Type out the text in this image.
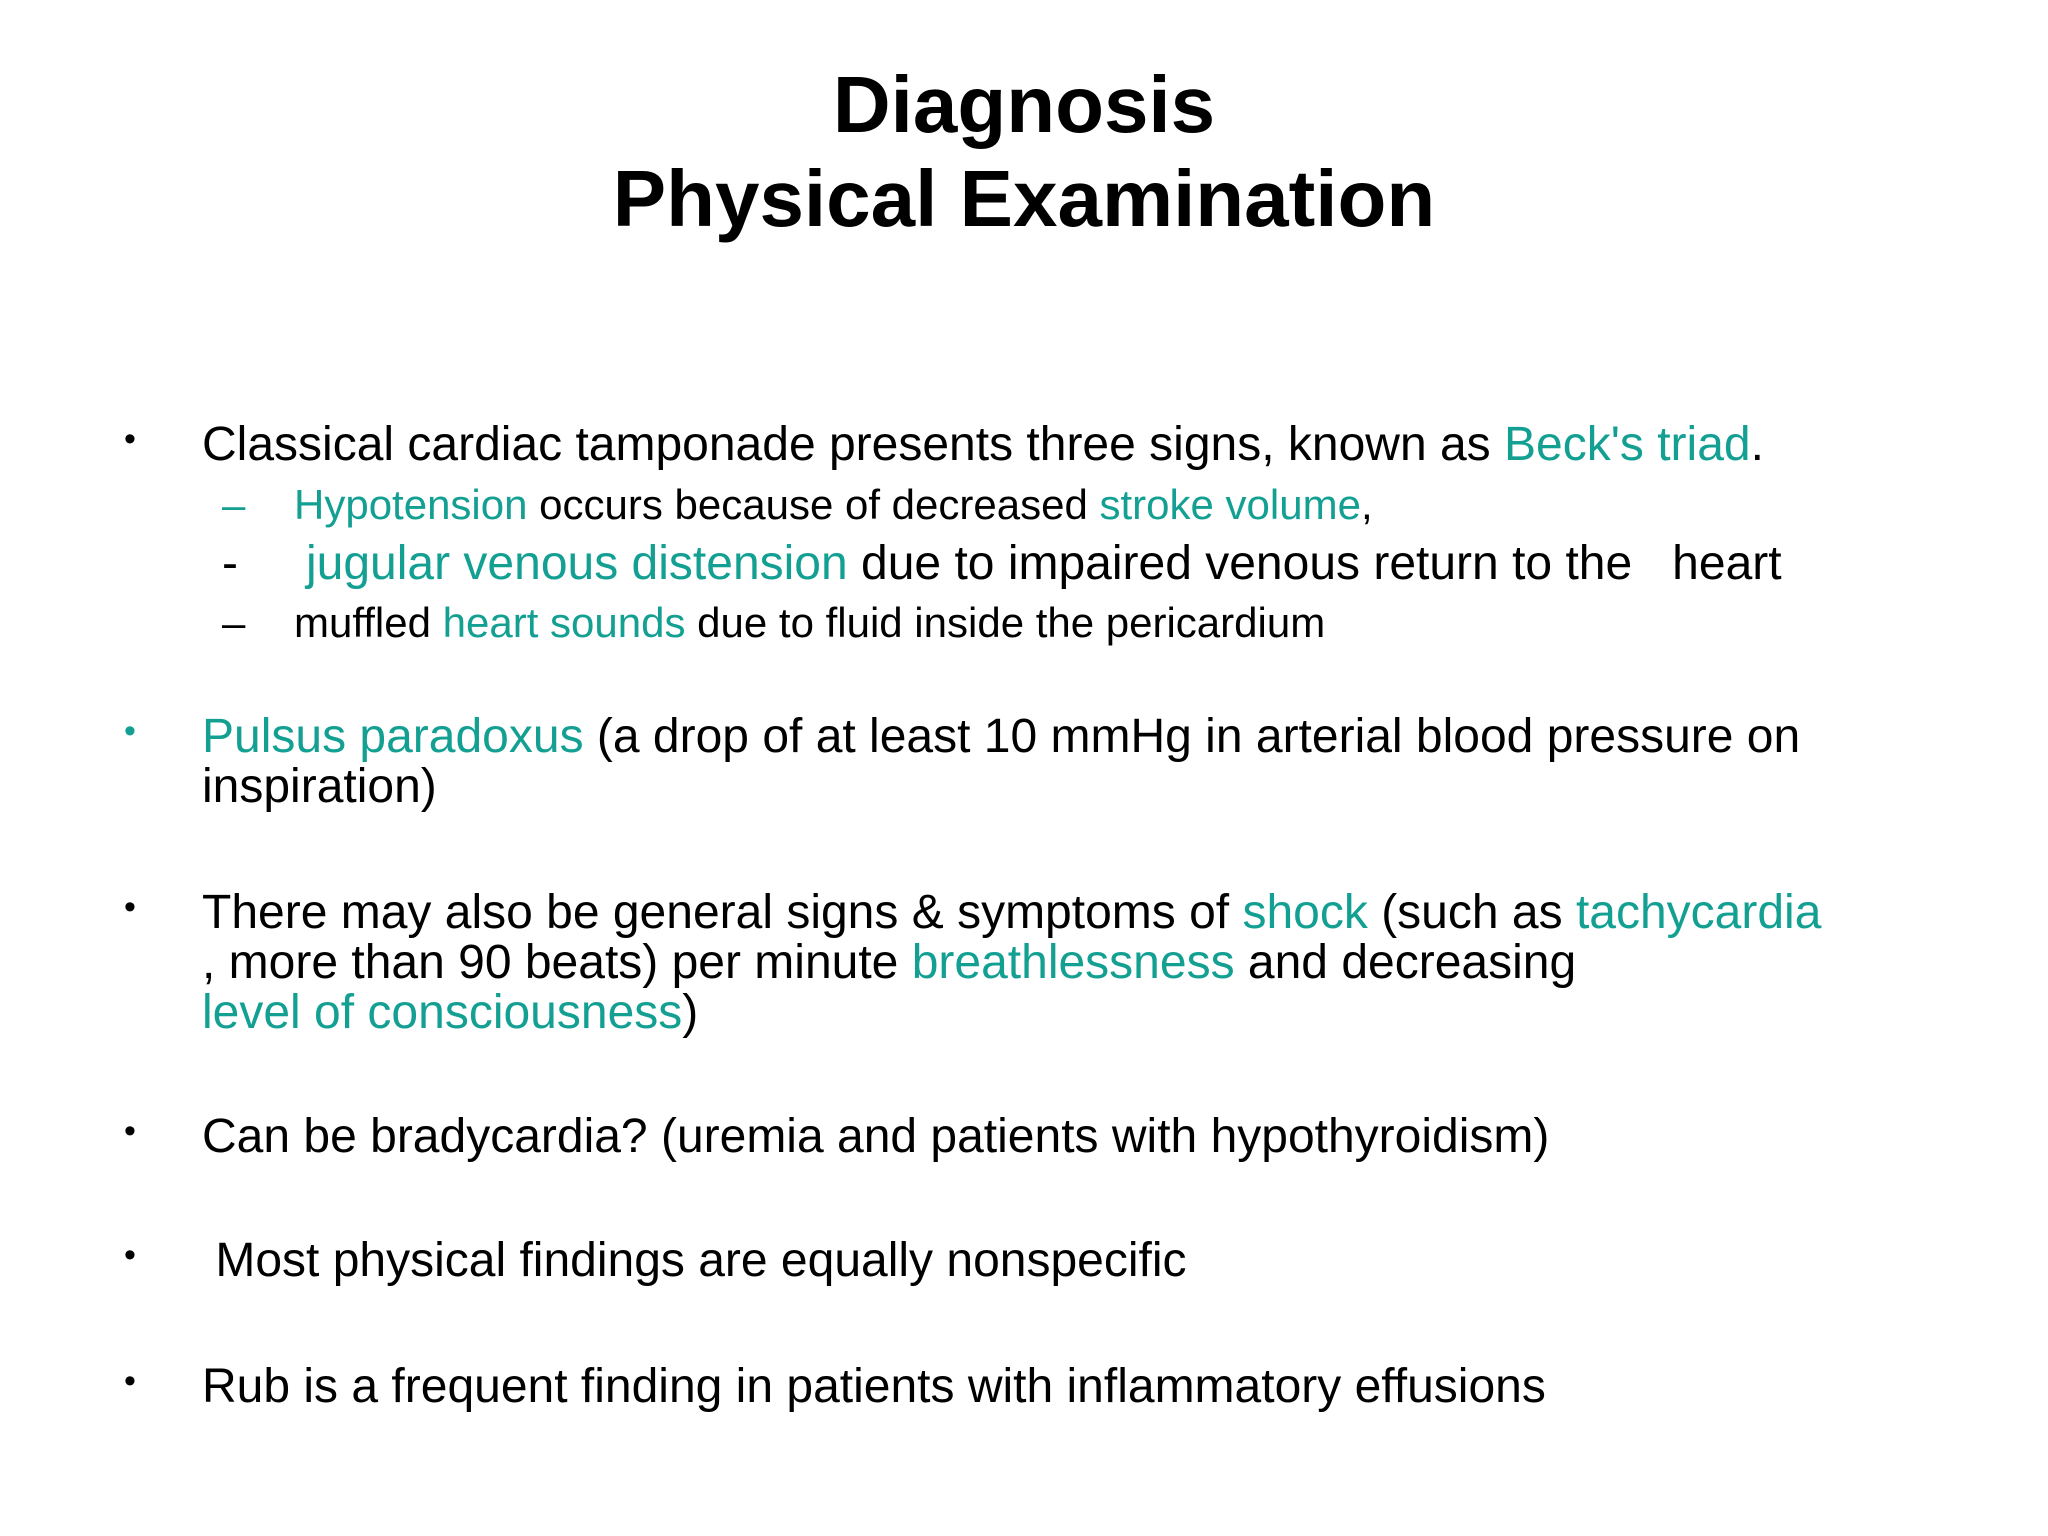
Diagnosis
Physical Examination
• Classical cardiac tamponade presents three signs, known as Beck's triad.
– Hypotension occurs because of decreased stroke volume,
- jugular venous distension due to impaired venous return to the   heart
– muffled heart sounds due to fluid inside the pericardium
• Pulsus paradoxus (a drop of at least 10 mmHg in arterial blood pressure on
inspiration)
• There may also be general signs & symptoms of shock (such as tachycardia
, more than 90 beats) per minute breathlessness and decreasing
level of consciousness)
• Can be bradycardia? (uremia and patients with hypothyroidism)
• Most physical findings are equally nonspecific
• Rub is a frequent finding in patients with inflammatory effusions
